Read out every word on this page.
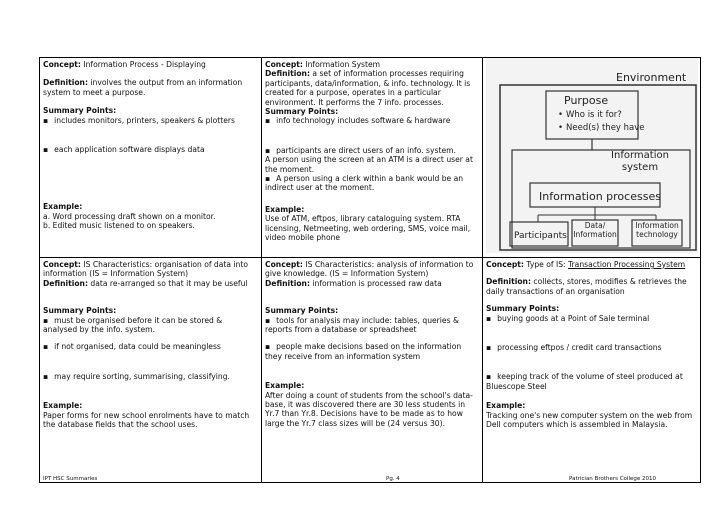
Concept: Information Process - Displaying
Definition: involves the output from an information system to meet a purpose.
Summary Points:
▪ includes monitors, printers, speakers & plotters
▪ each application software displays data
Example:
a. Word processing draft shown on a monitor.
b. Edited music listened to on speakers.
Concept: Information System
Definition: a set of information processes requiring participants, data/information, & info. technology. It is created for a purpose, operates in a particular environment. It performs the 7 info. processes.
Summary Points:
▪ info technology includes software & hardware
▪ participants are direct users of an info. system.
A person using the screen at an ATM is a direct user at the moment.
▪ A person using a clerk within a bank would be an indirect user at the moment.
Example:
Use of ATM, eftpos, library cataloguing system. RTA licensing, Netmeeting, web ordering, SMS, voice mail, video mobile phone
Concept: IS Characteristics: organisation of data into information (IS = Information System)
Definition: data re-arranged so that it may be useful
Summary Points:
▪ must be organised before it can be stored & analysed by the info. system.
▪ if not organised, data could be meaningless
▪ may require sorting, summarising, classifying.
Example:
Paper forms for new school enrolments have to match the database fields that the school uses.
Concept: IS Characteristics: analysis of information to give knowledge. (IS = Information System)
Definition: information is processed raw data
Summary Points:
▪ tools for analysis may include: tables, queries & reports from a database or spreadsheet
▪ people make decisions based on the information they receive from an information system
Example:
After doing a count of students from the school's data-base, it was discovered there are 30 less students in Yr.7 than Yr.8. Decisions have to be made as to how large the Yr.7 class sizes will be (24 versus 30).
Concept: Type of IS: Transaction Processing System
Definition: collects, stores, modifies & retrieves the daily transactions of an organisation
Summary Points:
▪ buying goods at a Point of Sale terminal
▪ processing eftpos / credit card transactions
▪ keeping track of the volume of steel produced at Bluescope Steel
Example:
Tracking one's new computer system on the web from Dell computers which is assembled in Malaysia.
Environment
Purpose
• Who is it for?
• Need(s) they have
Information system
Information processes
Participants
Data/ Information
Information technology
IPT HSC Summaries	Pg. 4	Patrician Brothers College 2010
